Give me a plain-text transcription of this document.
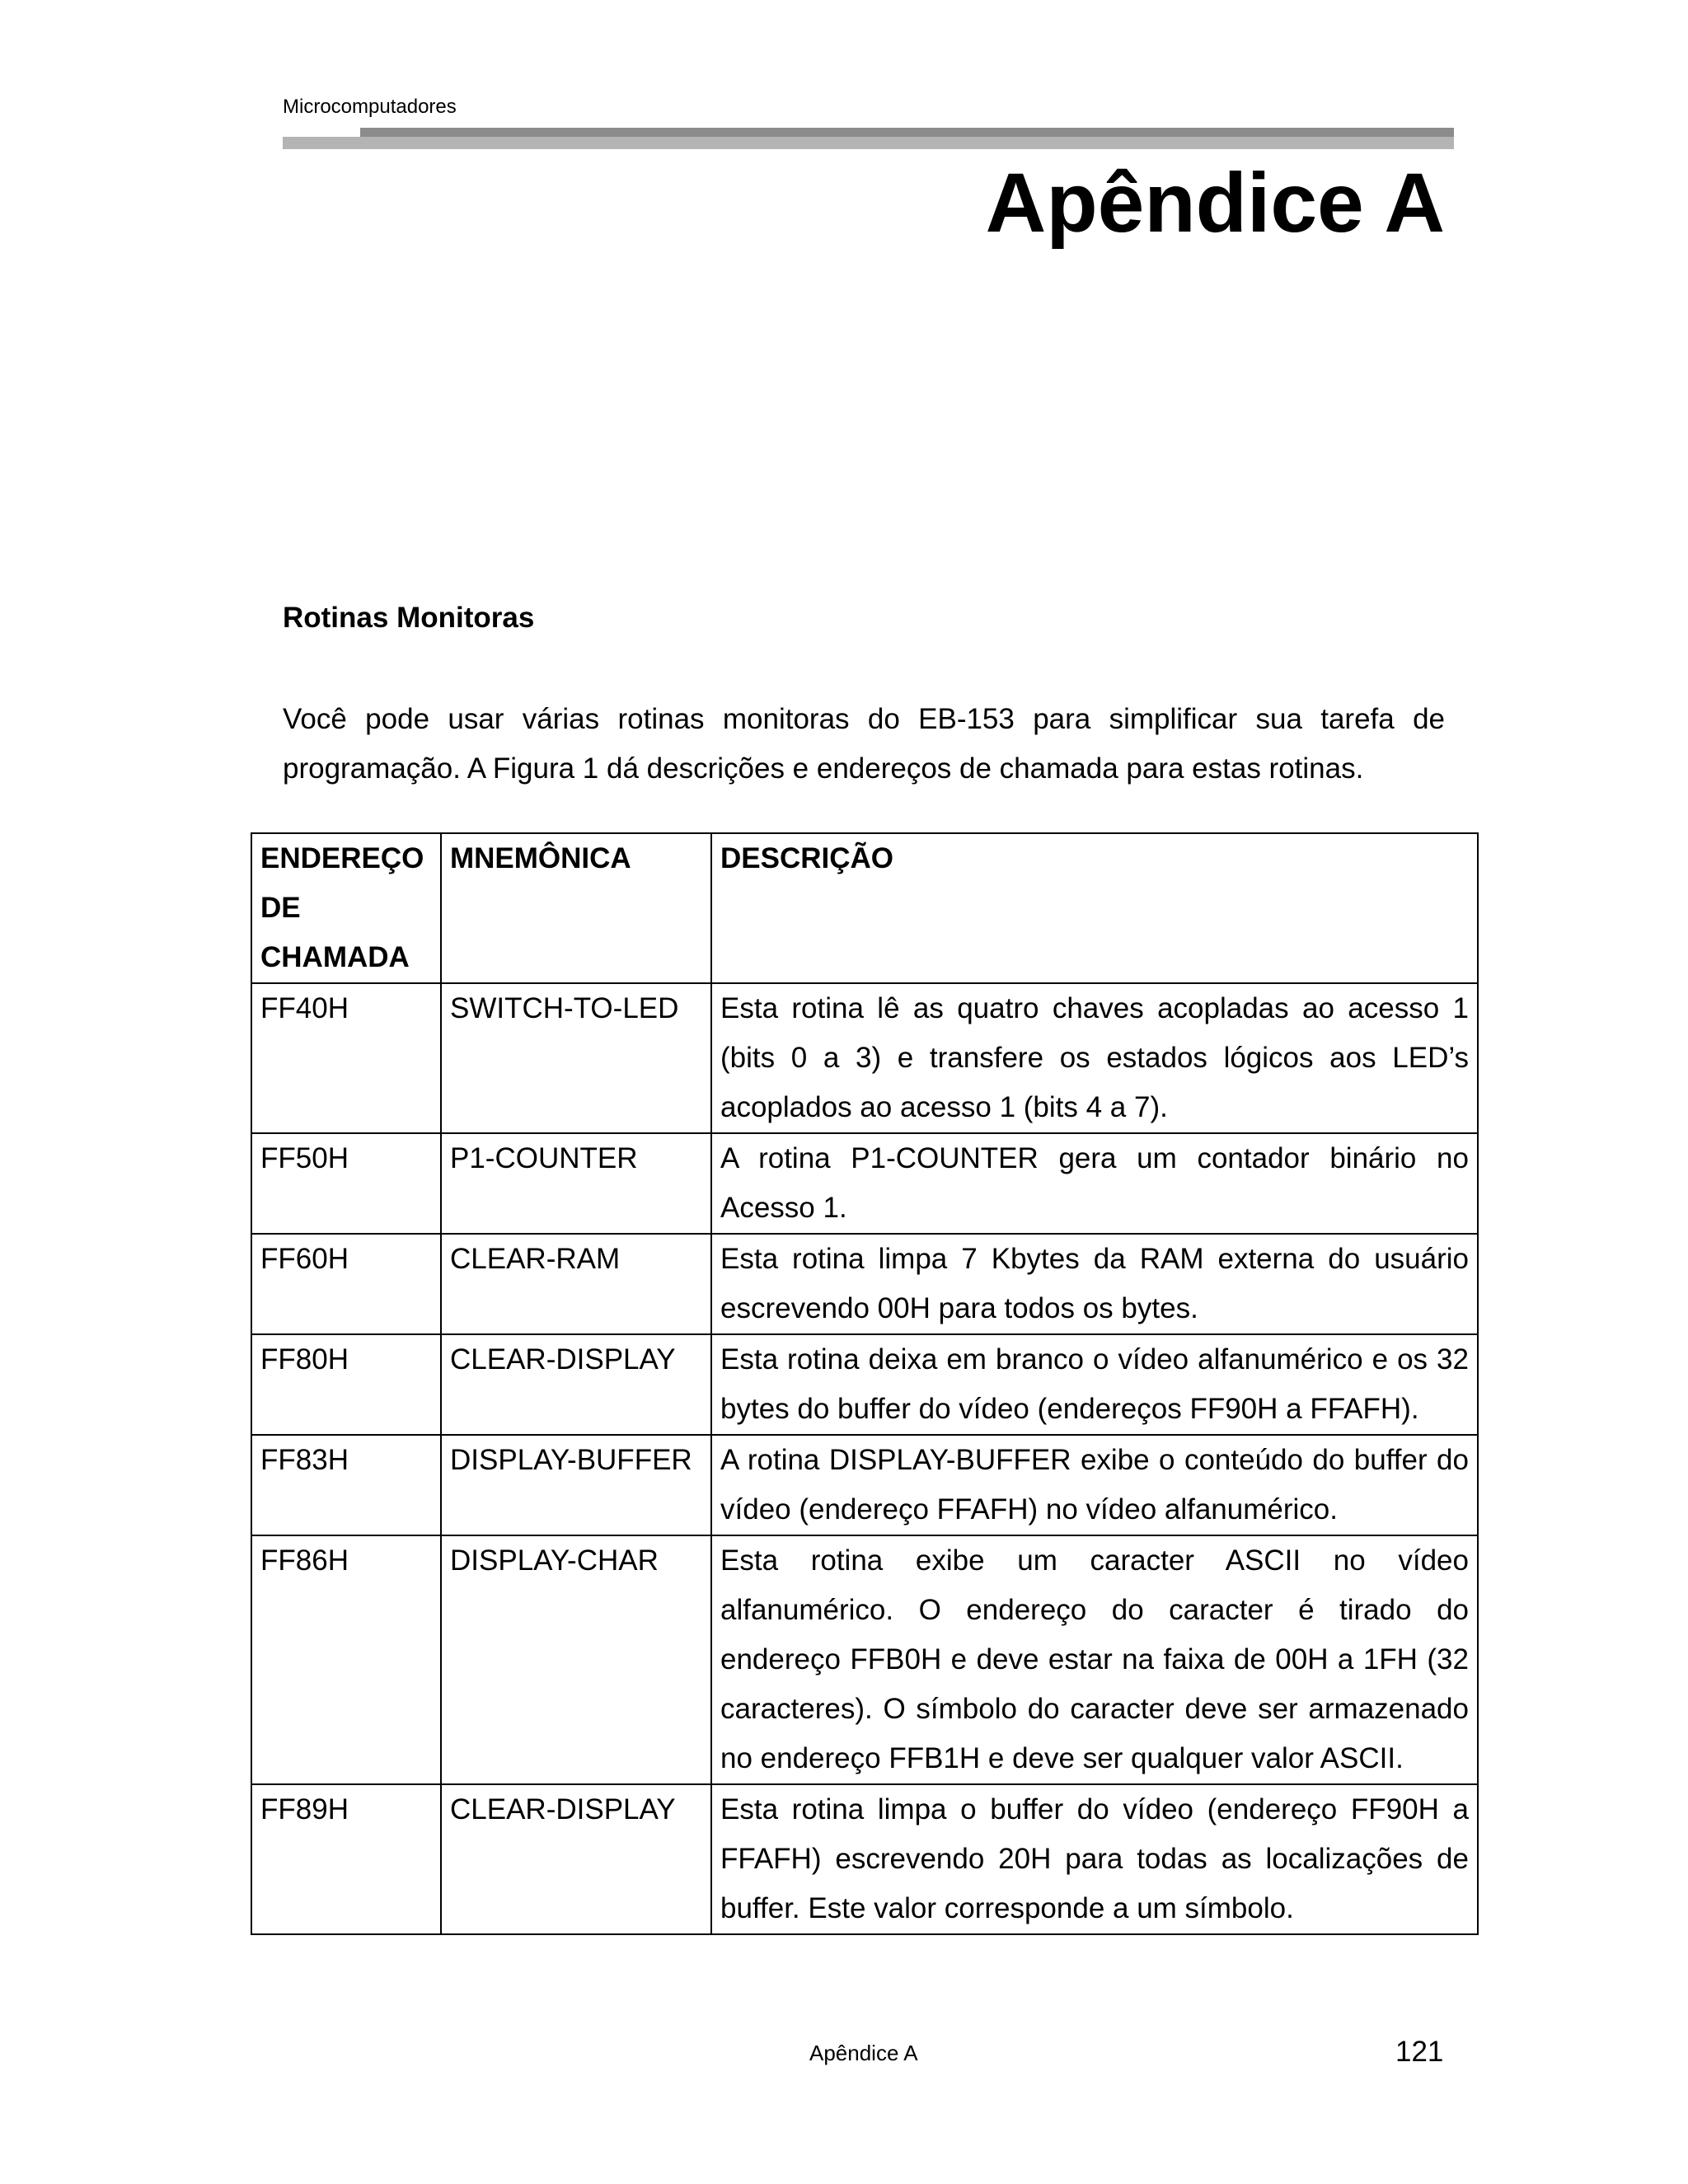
Microcomputadores
Apêndice A
Rotinas Monitoras

Você pode usar várias rotinas monitoras do EB-153 para simplificar sua tarefa de programação. A Figura 1 dá descrições e endereços de chamada para estas rotinas.

ENDEREÇO DE CHAMADA	MNEMÔNICA	DESCRIÇÃO
FF40H	SWITCH-TO-LED	Esta rotina lê as quatro chaves acopladas ao acesso 1 (bits 0 a 3) e transfere os estados lógicos aos LED’s acoplados ao acesso 1 (bits 4 a 7).
FF50H	P1-COUNTER	A rotina P1-COUNTER gera um contador binário no Acesso 1.
FF60H	CLEAR-RAM	Esta rotina limpa 7 Kbytes da RAM externa do usuário escrevendo 00H para todos os bytes.
FF80H	CLEAR-DISPLAY	Esta rotina deixa em branco o vídeo alfanumérico e os 32 bytes do buffer do vídeo (endereços FF90H a FFAFH).
FF83H	DISPLAY-BUFFER	A rotina DISPLAY-BUFFER exibe o conteúdo do buffer do vídeo (endereço FFAFH) no vídeo alfanumérico.
FF86H	DISPLAY-CHAR	Esta rotina exibe um caracter ASCII no vídeo alfanumérico. O endereço do caracter é tirado do endereço FFB0H e deve estar na faixa de 00H a 1FH (32 caracteres). O símbolo do caracter deve ser armazenado no endereço FFB1H e deve ser qualquer valor ASCII.
FF89H	CLEAR-DISPLAY	Esta rotina limpa o buffer do vídeo (endereço FF90H a FFAFH) escrevendo 20H para todas as localizações de buffer. Este valor corresponde a um símbolo.
Apêndice A	121
